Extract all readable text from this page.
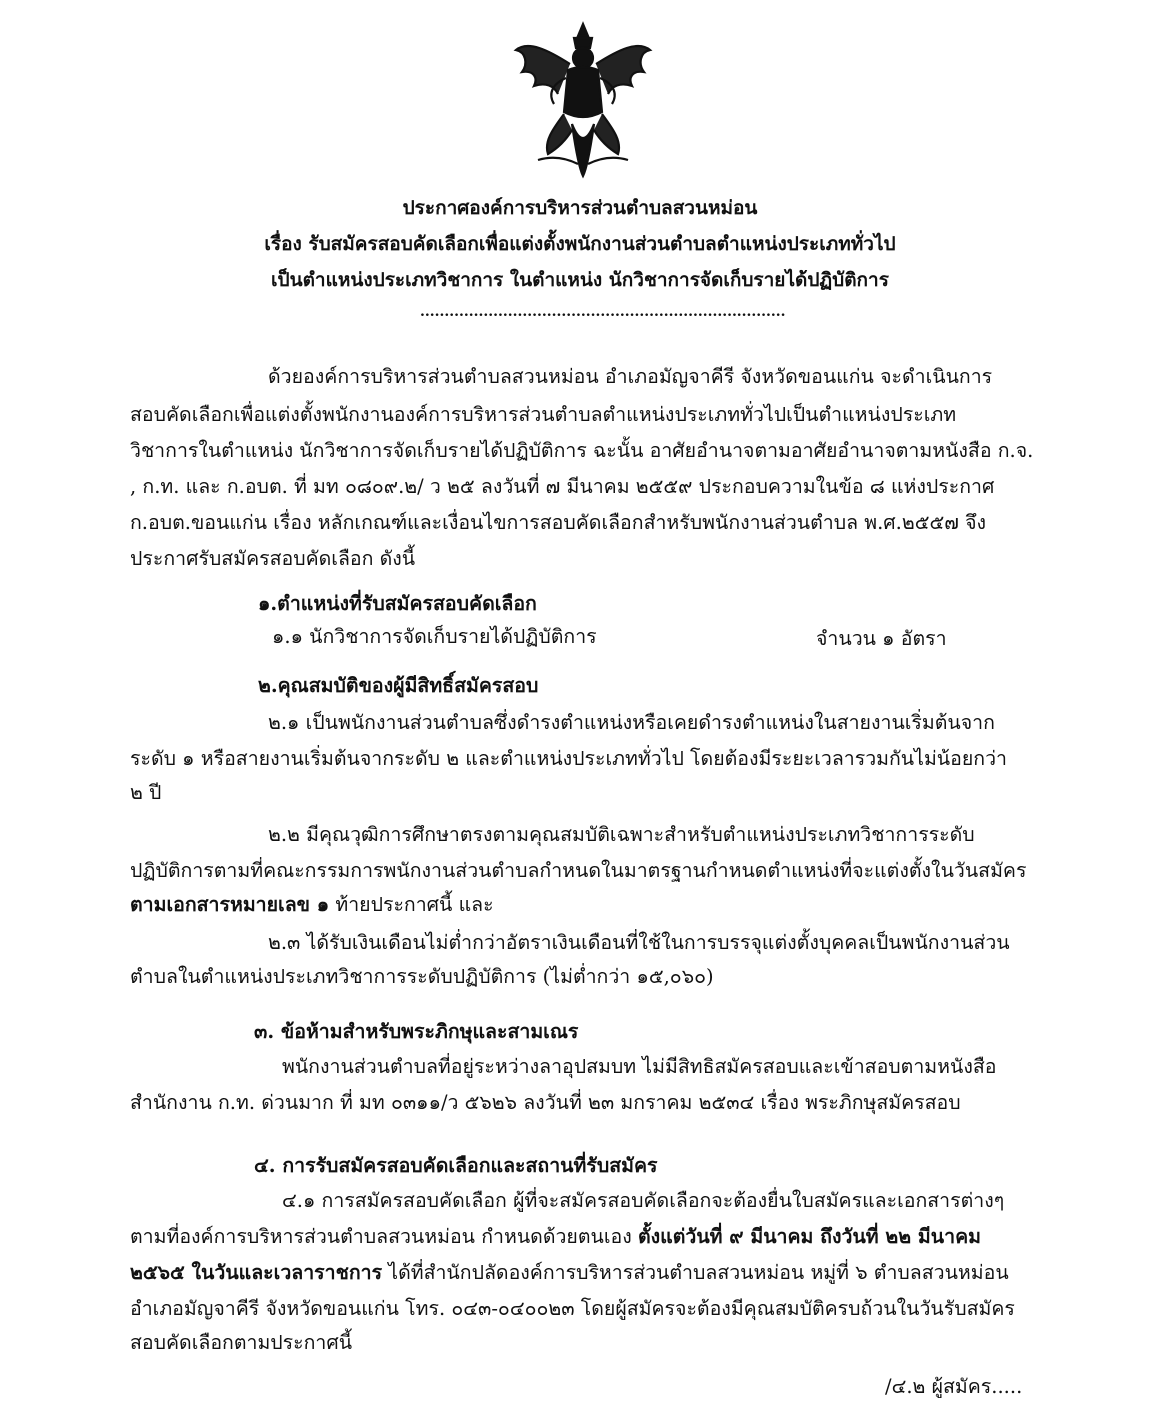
ประกาศองค์การบริหารส่วนตำบลสวนหม่อน
เรื่อง รับสมัครสอบคัดเลือกเพื่อแต่งตั้งพนักงานส่วนตำบลตำแหน่งประเภททั่วไป
เป็นตำแหน่งประเภทวิชาการ ในตำแหน่ง นักวิชาการจัดเก็บรายได้ปฏิบัติการ
...........................................................................
ด้วยองค์การบริหารส่วนตำบลสวนหม่อน อำเภอมัญจาคีรี จังหวัดขอนแก่น จะดำเนินการ
สอบคัดเลือกเพื่อแต่งตั้งพนักงานองค์การบริหารส่วนตำบลตำแหน่งประเภททั่วไปเป็นตำแหน่งประเภท
วิชาการในตำแหน่ง นักวิชาการจัดเก็บรายได้ปฏิบัติการ ฉะนั้น อาศัยอำนาจตามอาศัยอำนาจตามหนังสือ ก.จ.
, ก.ท. และ ก.อบต. ที่ มท ๐๘๐๙.๒/ ว ๒๕ ลงวันที่ ๗ มีนาคม ๒๕๕๙ ประกอบความในข้อ ๘ แห่งประกาศ
ก.อบต.ขอนแก่น เรื่อง หลักเกณฑ์และเงื่อนไขการสอบคัดเลือกสำหรับพนักงานส่วนตำบล พ.ศ.๒๕๕๗ จึง
ประกาศรับสมัครสอบคัดเลือก ดังนี้
๑.ตำแหน่งที่รับสมัครสอบคัดเลือก
๑.๑ นักวิชาการจัดเก็บรายได้ปฏิบัติการ	จำนวน ๑ อัตรา
๒.คุณสมบัติของผู้มีสิทธิ์สมัครสอบ
๒.๑ เป็นพนักงานส่วนตำบลซึ่งดำรงตำแหน่งหรือเคยดำรงตำแหน่งในสายงานเริ่มต้นจาก
ระดับ ๑ หรือสายงานเริ่มต้นจากระดับ ๒ และตำแหน่งประเภททั่วไป โดยต้องมีระยะเวลารวมกันไม่น้อยกว่า
๒ ปี
๒.๒ มีคุณวุฒิการศึกษาตรงตามคุณสมบัติเฉพาะสำหรับตำแหน่งประเภทวิชาการระดับ
ปฏิบัติการตามที่คณะกรรมการพนักงานส่วนตำบลกำหนดในมาตรฐานกำหนดตำแหน่งที่จะแต่งตั้งในวันสมัคร
ตามเอกสารหมายเลข ๑ ท้ายประกาศนี้ และ
๒.๓ ได้รับเงินเดือนไม่ต่ำกว่าอัตราเงินเดือนที่ใช้ในการบรรจุแต่งตั้งบุคคลเป็นพนักงานส่วน
ตำบลในตำแหน่งประเภทวิชาการระดับปฏิบัติการ (ไม่ต่ำกว่า ๑๕,๐๖๐)
๓. ข้อห้ามสำหรับพระภิกษุและสามเณร
พนักงานส่วนตำบลที่อยู่ระหว่างลาอุปสมบท ไม่มีสิทธิสมัครสอบและเข้าสอบตามหนังสือ
สำนักงาน ก.ท. ด่วนมาก ที่ มท ๐๓๑๑/ว ๕๖๒๖ ลงวันที่ ๒๓ มกราคม ๒๕๓๔ เรื่อง พระภิกษุสมัครสอบ
๔. การรับสมัครสอบคัดเลือกและสถานที่รับสมัคร
๔.๑ การสมัครสอบคัดเลือก ผู้ที่จะสมัครสอบคัดเลือกจะต้องยื่นใบสมัครและเอกสารต่างๆ
ตามที่องค์การบริหารส่วนตำบลสวนหม่อน กำหนดด้วยตนเอง ตั้งแต่วันที่ ๙ มีนาคม ถึงวันที่ ๒๒ มีนาคม
๒๕๖๕ ในวันและเวลาราชการ ได้ที่สำนักปลัดองค์การบริหารส่วนตำบลสวนหม่อน หมู่ที่ ๖ ตำบลสวนหม่อน
อำเภอมัญจาคีรี จังหวัดขอนแก่น โทร. ๐๔๓-๐๔๐๐๒๓ โดยผู้สมัครจะต้องมีคุณสมบัติครบถ้วนในวันรับสมัคร
สอบคัดเลือกตามประกาศนี้
/๔.๒ ผู้สมัคร.....
